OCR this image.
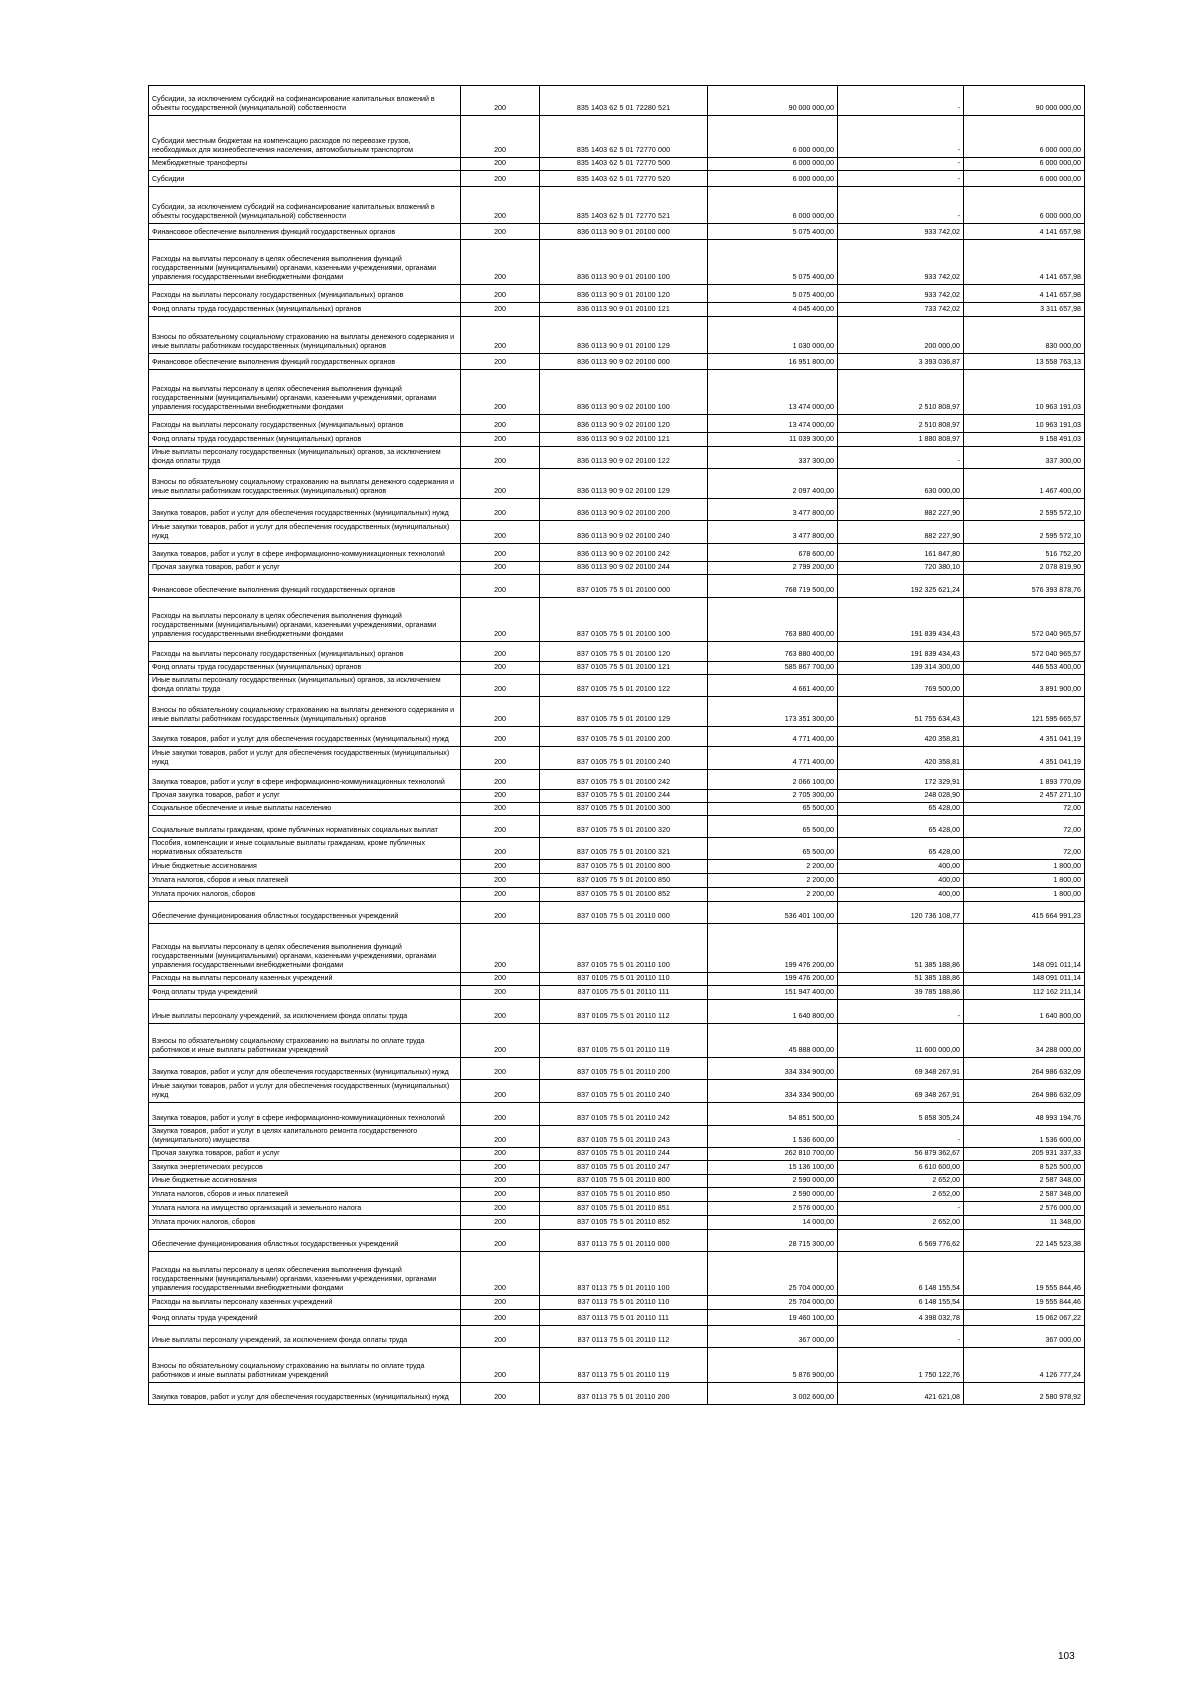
Субсидии, за исключением субсидий на софинансирование капитальных вложений в объекты государственной (муниципальной) собственности	200	835 1403 62 5 01 72280 521	90 000 000,00	-	90 000 000,00
Субсидии местным бюджетам на компенсацию расходов по перевозке грузов, необходимых для жизнеобеспечения населения, автомобильным транспортом	200	835 1403 62 5 01 72770 000	6 000 000,00	-	6 000 000,00
Межбюджетные трансферты	200	835 1403 62 5 01 72770 500	6 000 000,00	-	6 000 000,00
Субсидии	200	835 1403 62 5 01 72770 520	6 000 000,00	-	6 000 000,00
Субсидии, за исключением субсидий на софинансирование капитальных вложений в объекты государственной (муниципальной) собственности	200	835 1403 62 5 01 72770 521	6 000 000,00	-	6 000 000,00
Финансовое обеспечение выполнения функций государственных органов	200	836 0113 90 9 01 20100 000	5 075 400,00	933 742,02	4 141 657,98
Расходы на выплаты персоналу в целях обеспечения выполнения функций государственными (муниципальными) органами, казенными учреждениями, органами управления государственными внебюджетными фондами	200	836 0113 90 9 01 20100 100	5 075 400,00	933 742,02	4 141 657,98
Расходы на выплаты персоналу государственных (муниципальных) органов	200	836 0113 90 9 01 20100 120	5 075 400,00	933 742,02	4 141 657,98
Фонд оплаты труда государственных (муниципальных) органов	200	836 0113 90 9 01 20100 121	4 045 400,00	733 742,02	3 311 657,98
Взносы по обязательному социальному страхованию на выплаты денежного содержания и иные выплаты работникам государственных (муниципальных) органов	200	836 0113 90 9 01 20100 129	1 030 000,00	200 000,00	830 000,00
Финансовое обеспечение выполнения функций государственных органов	200	836 0113 90 9 02 20100 000	16 951 800,00	3 393 036,87	13 558 763,13
Расходы на выплаты персоналу в целях обеспечения выполнения функций государственными (муниципальными) органами, казенными учреждениями, органами управления государственными внебюджетными фондами	200	836 0113 90 9 02 20100 100	13 474 000,00	2 510 808,97	10 963 191,03
Расходы на выплаты персоналу государственных (муниципальных) органов	200	836 0113 90 9 02 20100 120	13 474 000,00	2 510 808,97	10 963 191,03
Фонд оплаты труда государственных (муниципальных) органов	200	836 0113 90 9 02 20100 121	11 039 300,00	1 880 808,97	9 158 491,03
Иные выплаты персоналу государственных (муниципальных) органов, за исключением фонда оплаты труда	200	836 0113 90 9 02 20100 122	337 300,00	-	337 300,00
Взносы по обязательному социальному страхованию на выплаты денежного содержания и иные выплаты работникам государственных (муниципальных) органов	200	836 0113 90 9 02 20100 129	2 097 400,00	630 000,00	1 467 400,00
Закупка товаров, работ и услуг для обеспечения государственных (муниципальных) нужд	200	836 0113 90 9 02 20100 200	3 477 800,00	882 227,90	2 595 572,10
Иные закупки товаров, работ и услуг для обеспечения государственных (муниципальных) нужд	200	836 0113 90 9 02 20100 240	3 477 800,00	882 227,90	2 595 572,10
Закупка товаров, работ и услуг в сфере информационно-коммуникационных технологий	200	836 0113 90 9 02 20100 242	678 600,00	161 847,80	516 752,20
Прочая закупка товаров, работ и услуг	200	836 0113 90 9 02 20100 244	2 799 200,00	720 380,10	2 078 819,90
Финансовое обеспечение выполнения функций государственных органов	200	837 0105 75 5 01 20100 000	768 719 500,00	192 325 621,24	576 393 878,76
Расходы на выплаты персоналу в целях обеспечения выполнения функций государственными (муниципальными) органами, казенными учреждениями, органами управления государственными внебюджетными фондами	200	837 0105 75 5 01 20100 100	763 880 400,00	191 839 434,43	572 040 965,57
Расходы на выплаты персоналу государственных (муниципальных) органов	200	837 0105 75 5 01 20100 120	763 880 400,00	191 839 434,43	572 040 965,57
Фонд оплаты труда государственных (муниципальных) органов	200	837 0105 75 5 01 20100 121	585 867 700,00	139 314 300,00	446 553 400,00
Иные выплаты персоналу государственных (муниципальных) органов, за исключением фонда оплаты труда	200	837 0105 75 5 01 20100 122	4 661 400,00	769 500,00	3 891 900,00
Взносы по обязательному социальному страхованию на выплаты денежного содержания и иные выплаты работникам государственных (муниципальных) органов	200	837 0105 75 5 01 20100 129	173 351 300,00	51 755 634,43	121 595 665,57
Закупка товаров, работ и услуг для обеспечения государственных (муниципальных) нужд	200	837 0105 75 5 01 20100 200	4 771 400,00	420 358,81	4 351 041,19
Иные закупки товаров, работ и услуг для обеспечения государственных (муниципальных) нужд	200	837 0105 75 5 01 20100 240	4 771 400,00	420 358,81	4 351 041,19
Закупка товаров, работ и услуг в сфере информационно-коммуникационных технологий	200	837 0105 75 5 01 20100 242	2 066 100,00	172 329,91	1 893 770,09
Прочая закупка товаров, работ и услуг	200	837 0105 75 5 01 20100 244	2 705 300,00	248 028,90	2 457 271,10
Социальное обеспечение и иные выплаты населению	200	837 0105 75 5 01 20100 300	65 500,00	65 428,00	72,00
Социальные выплаты гражданам, кроме публичных нормативных социальных выплат	200	837 0105 75 5 01 20100 320	65 500,00	65 428,00	72,00
Пособия, компенсации и иные социальные выплаты гражданам, кроме публичных нормативных обязательств	200	837 0105 75 5 01 20100 321	65 500,00	65 428,00	72,00
Иные бюджетные ассигнования	200	837 0105 75 5 01 20100 800	2 200,00	400,00	1 800,00
Уплата налогов, сборов и иных платежей	200	837 0105 75 5 01 20100 850	2 200,00	400,00	1 800,00
Уплата прочих налогов, сборов	200	837 0105 75 5 01 20100 852	2 200,00	400,00	1 800,00
Обеспечение функционирования областных государственных учреждений	200	837 0105 75 5 01 20110 000	536 401 100,00	120 736 108,77	415 664 991,23
Расходы на выплаты персоналу в целях обеспечения выполнения функций государственными (муниципальными) органами, казенными учреждениями, органами управления государственными внебюджетными фондами	200	837 0105 75 5 01 20110 100	199 476 200,00	51 385 188,86	148 091 011,14
Расходы на выплаты персоналу казенных учреждений	200	837 0105 75 5 01 20110 110	199 476 200,00	51 385 188,86	148 091 011,14
Фонд оплаты труда учреждений	200	837 0105 75 5 01 20110 111	151 947 400,00	39 785 188,86	112 162 211,14
Иные выплаты персоналу учреждений, за исключением фонда оплаты труда	200	837 0105 75 5 01 20110 112	1 640 800,00	-	1 640 800,00
Взносы по обязательному социальному страхованию на выплаты по оплате труда работников и иные выплаты работникам учреждений	200	837 0105 75 5 01 20110 119	45 888 000,00	11 600 000,00	34 288 000,00
Закупка товаров, работ и услуг для обеспечения государственных (муниципальных) нужд	200	837 0105 75 5 01 20110 200	334 334 900,00	69 348 267,91	264 986 632,09
Иные закупки товаров, работ и услуг для обеспечения государственных (муниципальных) нужд	200	837 0105 75 5 01 20110 240	334 334 900,00	69 348 267,91	264 986 632,09
Закупка товаров, работ и услуг в сфере информационно-коммуникационных технологий	200	837 0105 75 5 01 20110 242	54 851 500,00	5 858 305,24	48 993 194,76
Закупка товаров, работ и услуг в целях капитального ремонта государственного (муниципального) имущества	200	837 0105 75 5 01 20110 243	1 536 600,00	-	1 536 600,00
Прочая закупка товаров, работ и услуг	200	837 0105 75 5 01 20110 244	262 810 700,00	56 879 362,67	205 931 337,33
Закупка энергетических ресурсов	200	837 0105 75 5 01 20110 247	15 136 100,00	6 610 600,00	8 525 500,00
Иные бюджетные ассигнования	200	837 0105 75 5 01 20110 800	2 590 000,00	2 652,00	2 587 348,00
Уплата налогов, сборов и иных платежей	200	837 0105 75 5 01 20110 850	2 590 000,00	2 652,00	2 587 348,00
Уплата налога на имущество организаций и земельного налога	200	837 0105 75 5 01 20110 851	2 576 000,00	-	2 576 000,00
Уплата прочих налогов, сборов	200	837 0105 75 5 01 20110 852	14 000,00	2 652,00	11 348,00
Обеспечение функционирования областных государственных учреждений	200	837 0113 75 5 01 20110 000	28 715 300,00	6 569 776,62	22 145 523,38
Расходы на выплаты персоналу в целях обеспечения выполнения функций государственными (муниципальными) органами, казенными учреждениями, органами управления государственными внебюджетными фондами	200	837 0113 75 5 01 20110 100	25 704 000,00	6 148 155,54	19 555 844,46
Расходы на выплаты персоналу казенных учреждений	200	837 0113 75 5 01 20110 110	25 704 000,00	6 148 155,54	19 555 844,46
Фонд оплаты труда учреждений	200	837 0113 75 5 01 20110 111	19 460 100,00	4 398 032,78	15 062 067,22
Иные выплаты персоналу учреждений, за исключением фонда оплаты труда	200	837 0113 75 5 01 20110 112	367 000,00	-	367 000,00
Взносы по обязательному социальному страхованию на выплаты по оплате труда работников и иные выплаты работникам учреждений	200	837 0113 75 5 01 20110 119	5 876 900,00	1 750 122,76	4 126 777,24
Закупка товаров, работ и услуг для обеспечения государственных (муниципальных) нужд	200	837 0113 75 5 01 20110 200	3 002 600,00	421 621,08	2 580 978,92
103
